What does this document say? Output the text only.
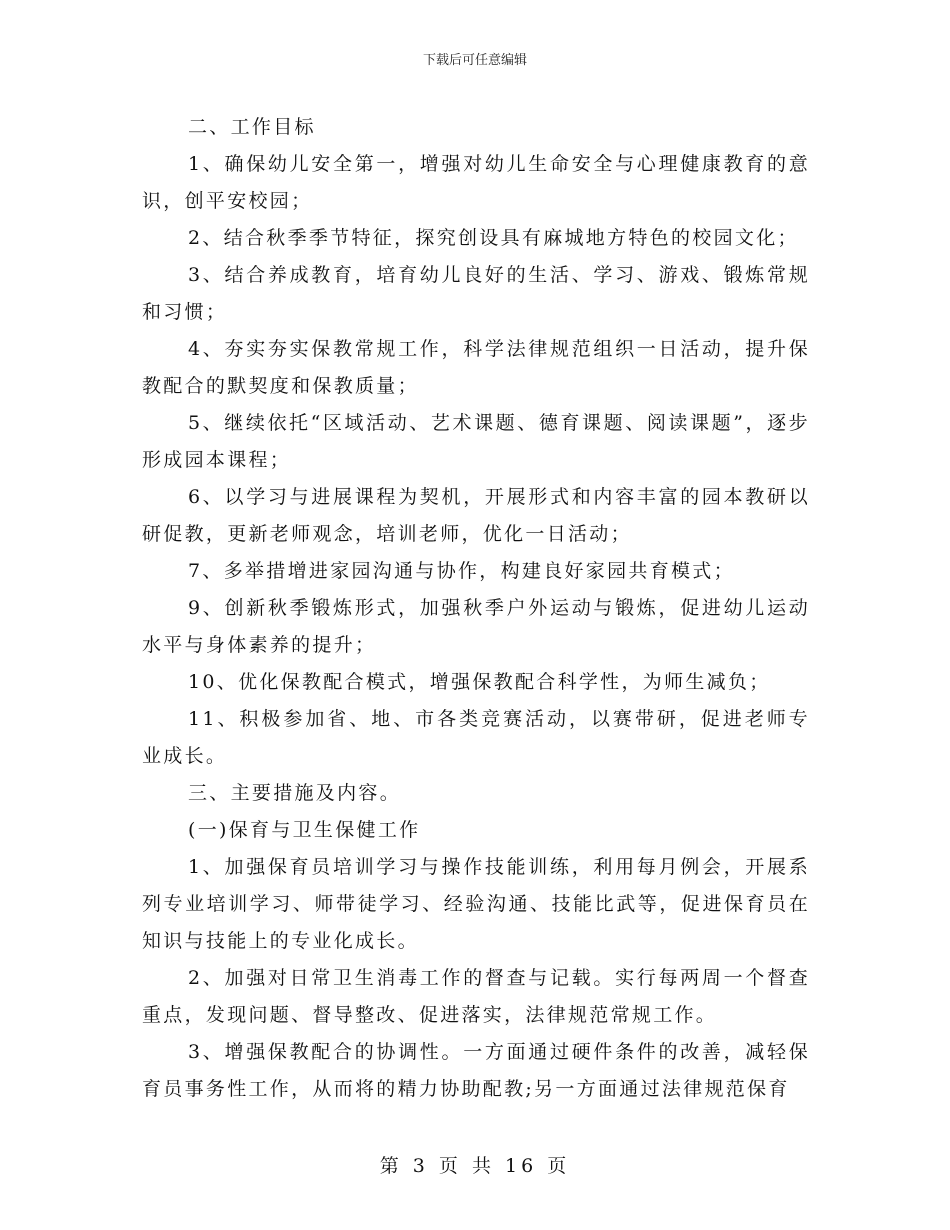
下载后可任意编辑

二、工作目标

1、确保幼儿安全第一，增强对幼儿生命安全与心理健康教育的意识，创平安校园；

2、结合秋季季节特征，探究创设具有麻城地方特色的校园文化；

3、结合养成教育，培育幼儿良好的生活、学习、游戏、锻炼常规和习惯；

4、夯实夯实保教常规工作，科学法律规范组织一日活动，提升保教配合的默契度和保教质量；

5、继续依托“区域活动、艺术课题、德育课题、阅读课题”，逐步形成园本课程；

6、以学习与进展课程为契机，开展形式和内容丰富的园本教研以研促教，更新老师观念，培训老师，优化一日活动；

7、多举措增进家园沟通与协作，构建良好家园共育模式；

9、创新秋季锻炼形式，加强秋季户外运动与锻炼，促进幼儿运动水平与身体素养的提升；

10、优化保教配合模式，增强保教配合科学性，为师生减负；

11、积极参加省、地、市各类竞赛活动，以赛带研，促进老师专业成长。

三、主要措施及内容。

(一)保育与卫生保健工作

1、加强保育员培训学习与操作技能训练，利用每月例会，开展系列专业培训学习、师带徒学习、经验沟通、技能比武等，促进保育员在知识与技能上的专业化成长。

2、加强对日常卫生消毒工作的督查与记载。实行每两周一个督查重点，发现问题、督导整改、促进落实，法律规范常规工作。

3、增强保教配合的协调性。一方面通过硬件条件的改善，减轻保育员事务性工作，从而将的精力协助配教;另一方面通过法律规范保育

第 3 页 共 16 页
